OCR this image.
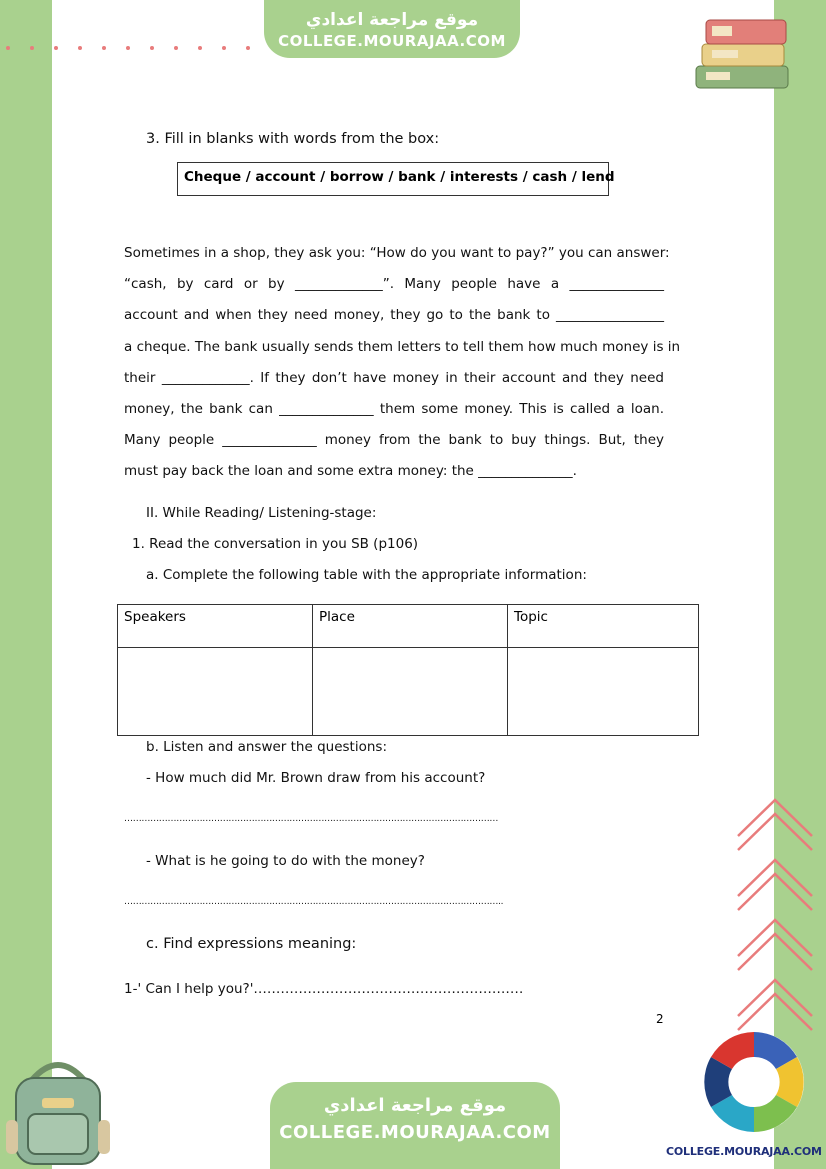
موقع مراجعة اعدادي
COLLEGE.MOURAJAA.COM
3. Fill in blanks with words from the box:
Cheque / account / borrow / bank / interests / cash / lend
Sometimes in a shop, they ask you: “How do you want to pay?” you can answer:
“cash, by card or by _____________”. Many people have a ______________
account and when they need money, they go to the bank to ________________
a cheque. The bank usually sends them letters to tell them how much money is in
their _____________. If they don’t have money in their account and they need
money, the bank can ______________ them some money. This is called a loan.
Many people ______________ money from the bank to buy things. But, they
must pay back the loan and some extra money: the ______________.
II. While Reading/ Listening-stage:
1. Read the conversation in you SB (p106)
a. Complete the following table with the appropriate information:
Speakers	Place	Topic

b. Listen and answer the questions:
- How much did Mr. Brown draw from his account?
…………………………………………………………………………………………………………………
- What is he going to do with the money?
…………………………………………………………………………………………………………………..
c. Find expressions meaning:
1-' Can I help you?'……………………………………………………
2
موقع مراجعة اعدادي
COLLEGE.MOURAJAA.COM
COLLEGE.MOURAJAA.COM
